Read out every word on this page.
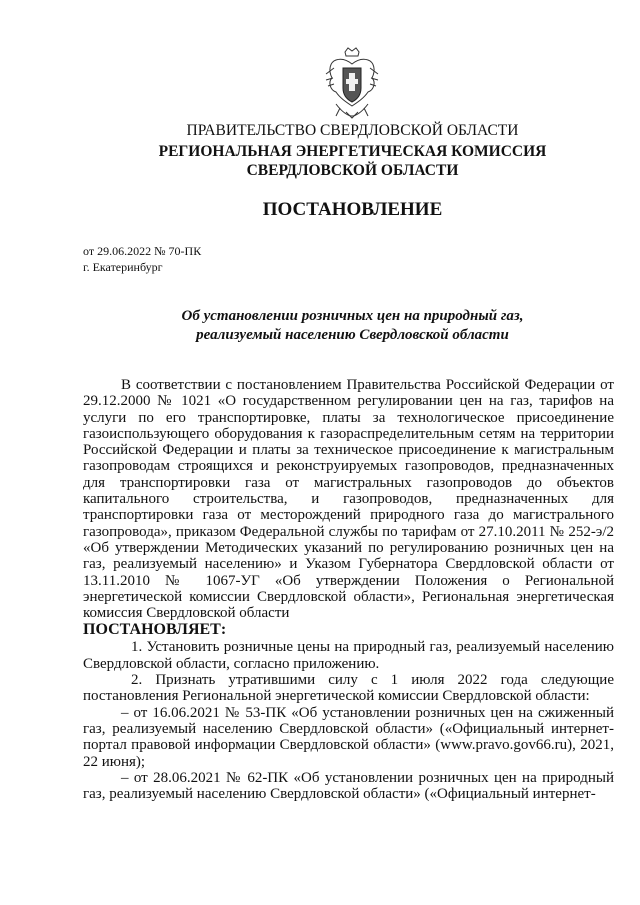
ПРАВИТЕЛЬСТВО СВЕРДЛОВСКОЙ ОБЛАСТИ
РЕГИОНАЛЬНАЯ ЭНЕРГЕТИЧЕСКАЯ КОМИССИЯ
СВЕРДЛОВСКОЙ ОБЛАСТИ
ПОСТАНОВЛЕНИЕ
от 29.06.2022 № 70-ПК
г. Екатеринбург
Об установлении розничных цен на природный газ,
реализуемый населению Свердловской области

В соответствии с постановлением Правительства Российской Федерации от 29.12.2000 № 1021 «О государственном регулировании цен на газ, тарифов на услуги по его транспортировке, платы за технологическое присоединение газоиспользующего оборудования к газораспределительным сетям на территории Российской Федерации и платы за техническое присоединение к магистральным газопроводам строящихся и реконструируемых газопроводов, предназначенных для транспортировки газа от магистральных газопроводов до объектов капитального строительства, и газопроводов, предназначенных для транспортировки газа от месторождений природного газа до магистрального газопровода», приказом Федеральной службы по тарифам от 27.10.2011 № 252-э/2 «Об утверждении Методических указаний по регулированию розничных цен на газ, реализуемый населению» и Указом Губернатора Свердловской области от 13.11.2010 № 1067-УГ «Об утверждении Положения о Региональной энергетической комиссии Свердловской области», Региональная энергетическая комиссия Свердловской области

ПОСТАНОВЛЯЕТ:

1. Установить розничные цены на природный газ, реализуемый населению Свердловской области, согласно приложению.

2. Признать утратившими силу с 1 июля 2022 года следующие постановления Региональной энергетической комиссии Свердловской области:

– от 16.06.2021 № 53-ПК «Об установлении розничных цен на сжиженный газ, реализуемый населению Свердловской области» («Официальный интернет-портал правовой информации Свердловской области» (www.pravo.gov66.ru), 2021, 22 июня);

– от 28.06.2021 № 62-ПК «Об установлении розничных цен на природный газ, реализуемый населению Свердловской области» («Официальный интернет-
